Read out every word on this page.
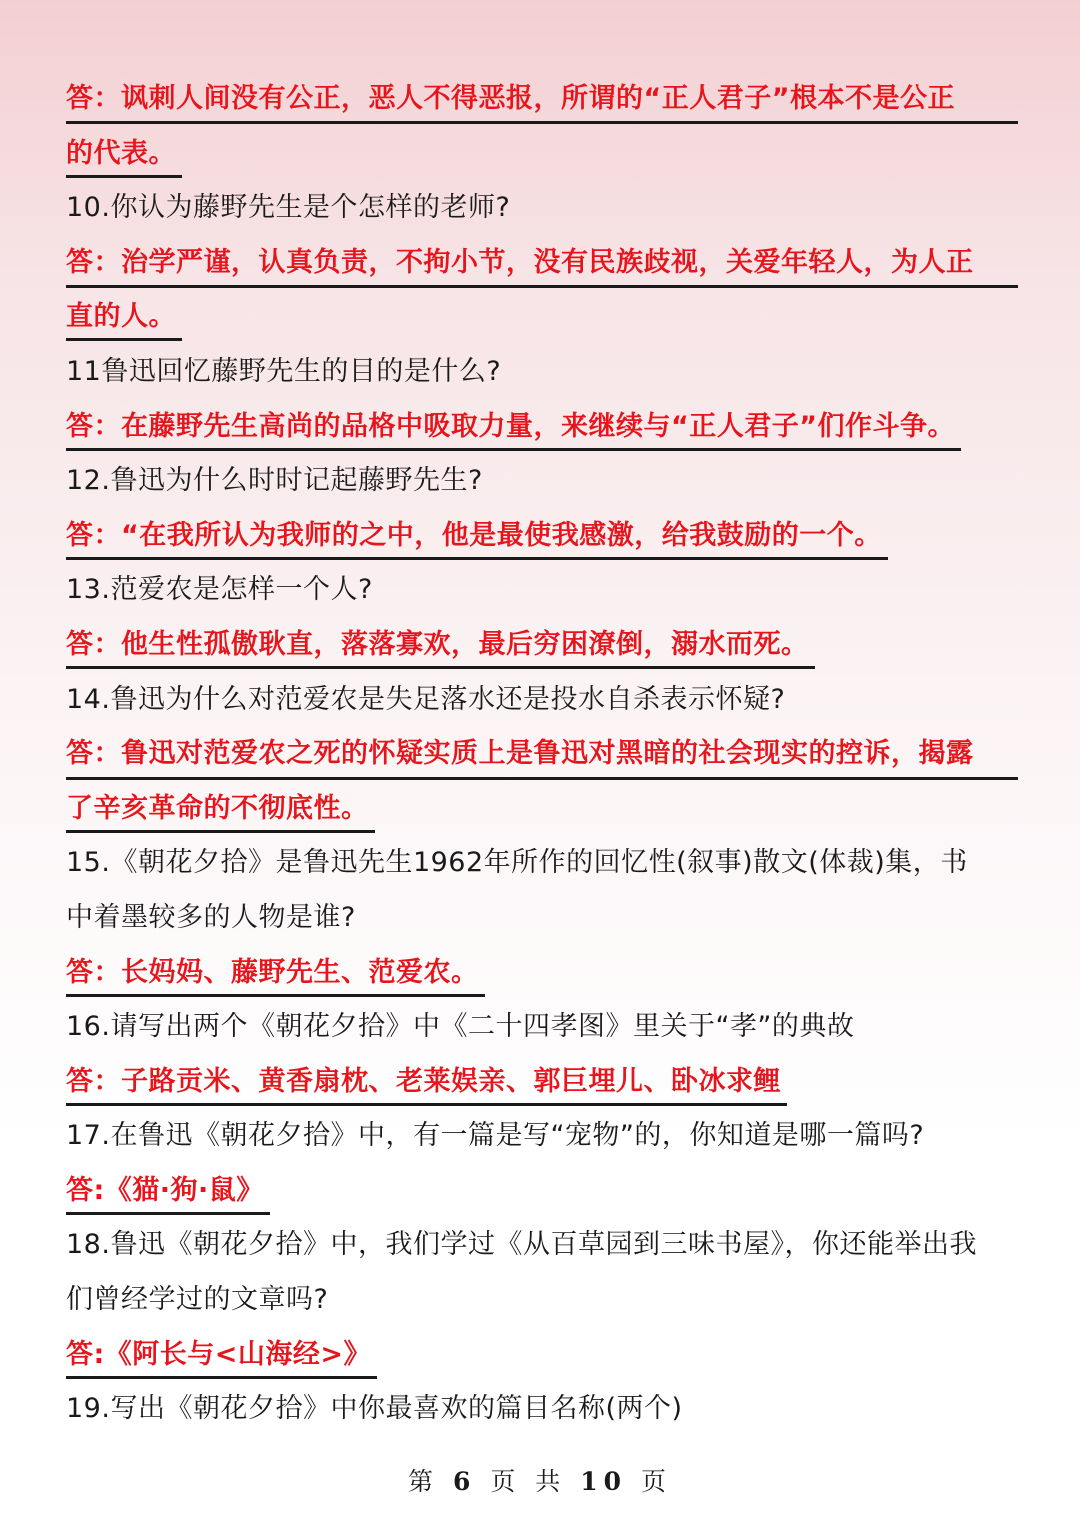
答：讽刺人间没有公正，恶人不得恶报，所谓的“正人君子”根本不是公正
的代表。
10.你认为藤野先生是个怎样的老师?
答：治学严谨，认真负责，不拘小节，没有民族歧视，关爱年轻人，为人正
直的人。
11鲁迅回忆藤野先生的目的是什么?
答：在藤野先生高尚的品格中吸取力量，来继续与“正人君子”们作斗争。
12.鲁迅为什么时时记起藤野先生?
答：“在我所认为我师的之中，他是最使我感激，给我鼓励的一个。
13.范爱农是怎样一个人?
答：他生性孤傲耿直，落落寡欢，最后穷困潦倒，溺水而死。
14.鲁迅为什么对范爱农是失足落水还是投水自杀表示怀疑?
答：鲁迅对范爱农之死的怀疑实质上是鲁迅对黑暗的社会现实的控诉，揭露
了辛亥革命的不彻底性。
15.《朝花夕拾》是鲁迅先生1962年所作的回忆性(叙事)散文(体裁)集，书
中着墨较多的人物是谁?
答：长妈妈、藤野先生、范爱农。
16.请写出两个《朝花夕拾》中《二十四孝图》里关于“孝”的典故
答：子路贡米、黄香扇枕、老莱娱亲、郭巨埋儿、卧冰求鲤
17.在鲁迅《朝花夕拾》中，有一篇是写“宠物”的，你知道是哪一篇吗?
答:《猫·狗·鼠》
18.鲁迅《朝花夕拾》中，我们学过《从百草园到三味书屋》，你还能举出我
们曾经学过的文章吗?
答:《阿长与<山海经>》
19.写出《朝花夕拾》中你最喜欢的篇目名称(两个)
第 6 页 共 10 页
